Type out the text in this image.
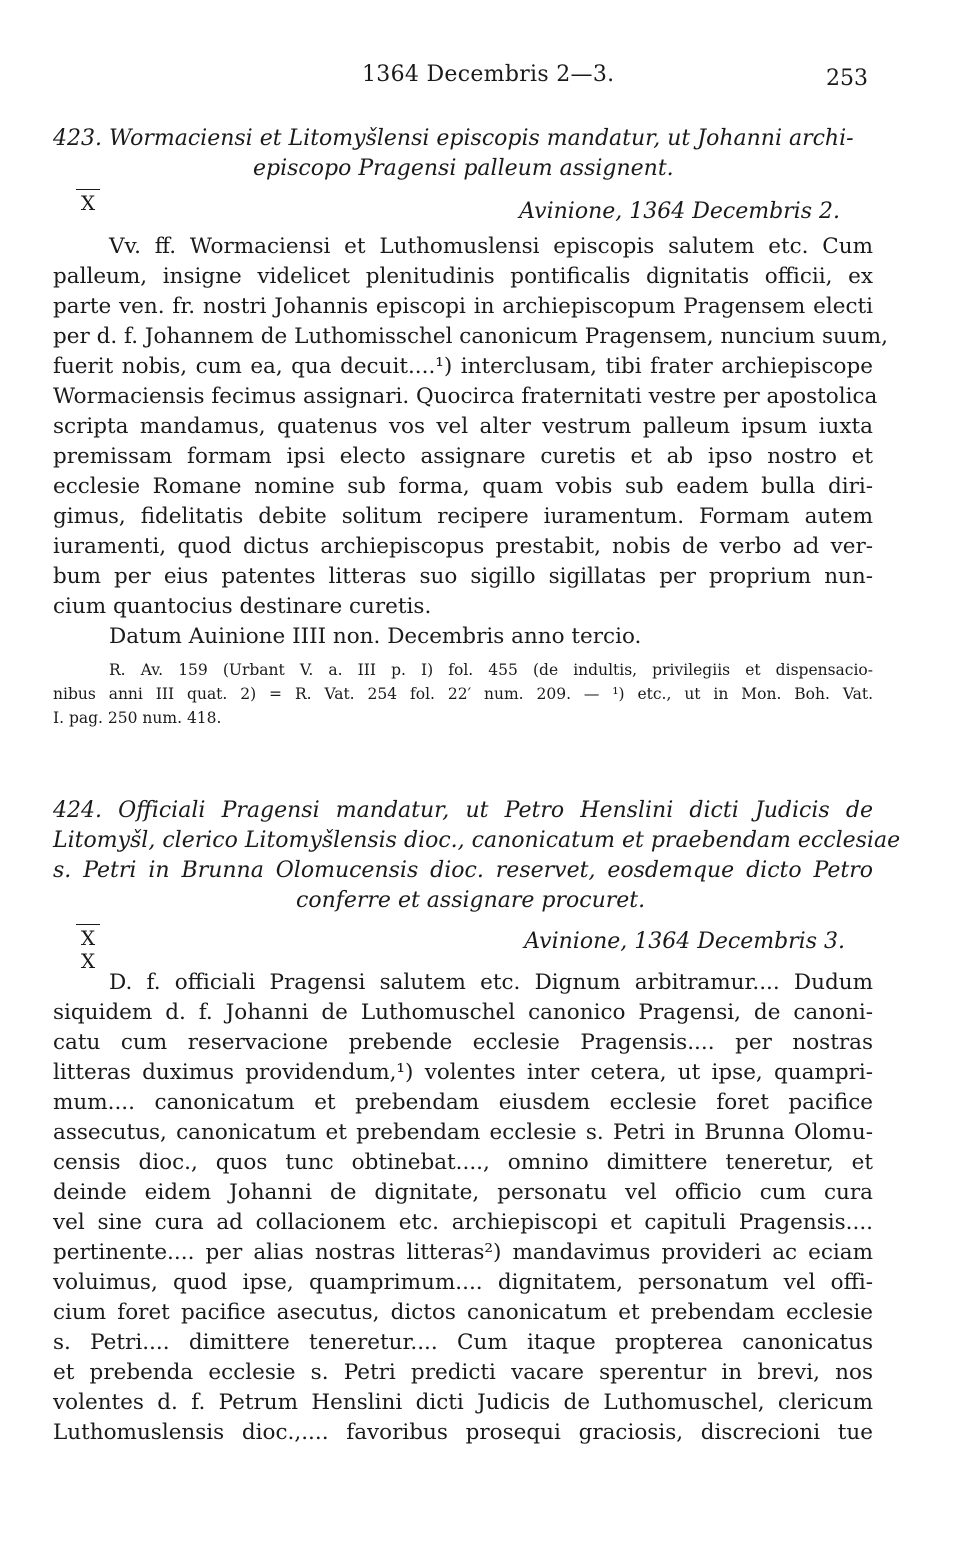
1364 Decembris 2—3.	253
423. Wormaciensi et Litomyšlensi episcopis mandatur, ut Johanni archi-
episcopo Pragensi palleum assignent.
X	Avinione, 1364 Decembris 2.
Vv. ff. Wormaciensi et Luthomuslensi episcopis salutem etc. Cum
palleum, insigne videlicet plenitudinis pontificalis dignitatis officii, ex
parte ven. fr. nostri Johannis episcopi in archiepiscopum Pragensem electi
per d. f. Johannem de Luthomisschel canonicum Pragensem, nuncium suum,
fuerit nobis, cum ea, qua decuit....¹) interclusam, tibi frater archiepiscope
Wormaciensis fecimus assignari. Quocirca fraternitati vestre per apostolica
scripta mandamus, quatenus vos vel alter vestrum palleum ipsum iuxta
premissam formam ipsi electo assignare curetis et ab ipso nostro et
ecclesie Romane nomine sub forma, quam vobis sub eadem bulla diri-
gimus, fidelitatis debite solitum recipere iuramentum. Formam autem
iuramenti, quod dictus archiepiscopus prestabit, nobis de verbo ad ver-
bum per eius patentes litteras suo sigillo sigillatas per proprium nun-
cium quantocius destinare curetis.
Datum Auinione IIII non. Decembris anno tercio.
R. Av. 159 (Urbant V. a. III p. I) fol. 455 (de indultis, privilegiis et dispensacio-
nibus anni III quat. 2) = R. Vat. 254 fol. 22′ num. 209. — ¹) etc., ut in Mon. Boh. Vat.
I. pag. 250 num. 418.
424. Officiali Pragensi mandatur, ut Petro Henslini dicti Judicis de
Litomyšl, clerico Litomyšlensis dioc., canonicatum et praebendam ecclesiae
s. Petri in Brunna Olomucensis dioc. reservet, eosdemque dicto Petro
conferre et assignare procuret.
X
X
Avinione, 1364 Decembris 3.
D. f. officiali Pragensi salutem etc. Dignum arbitramur.... Dudum
siquidem d. f. Johanni de Luthomuschel canonico Pragensi, de canoni-
catu cum reservacione prebende ecclesie Pragensis.... per nostras
litteras duximus providendum,¹) volentes inter cetera, ut ipse, quampri-
mum.... canonicatum et prebendam eiusdem ecclesie foret pacifice
assecutus, canonicatum et prebendam ecclesie s. Petri in Brunna Olomu-
censis dioc., quos tunc obtinebat...., omnino dimittere teneretur, et
deinde eidem Johanni de dignitate, personatu vel officio cum cura
vel sine cura ad collacionem etc. archiepiscopi et capituli Pragensis....
pertinente.... per alias nostras litteras²) mandavimus provideri ac eciam
voluimus, quod ipse, quamprimum.... dignitatem, personatum vel offi-
cium foret pacifice asecutus, dictos canonicatum et prebendam ecclesie
s. Petri.... dimittere teneretur.... Cum itaque propterea canonicatus
et prebenda ecclesie s. Petri predicti vacare sperentur in brevi, nos
volentes d. f. Petrum Henslini dicti Judicis de Luthomuschel, clericum
Luthomuslensis dioc.,.... favoribus prosequi graciosis, discrecioni tue
